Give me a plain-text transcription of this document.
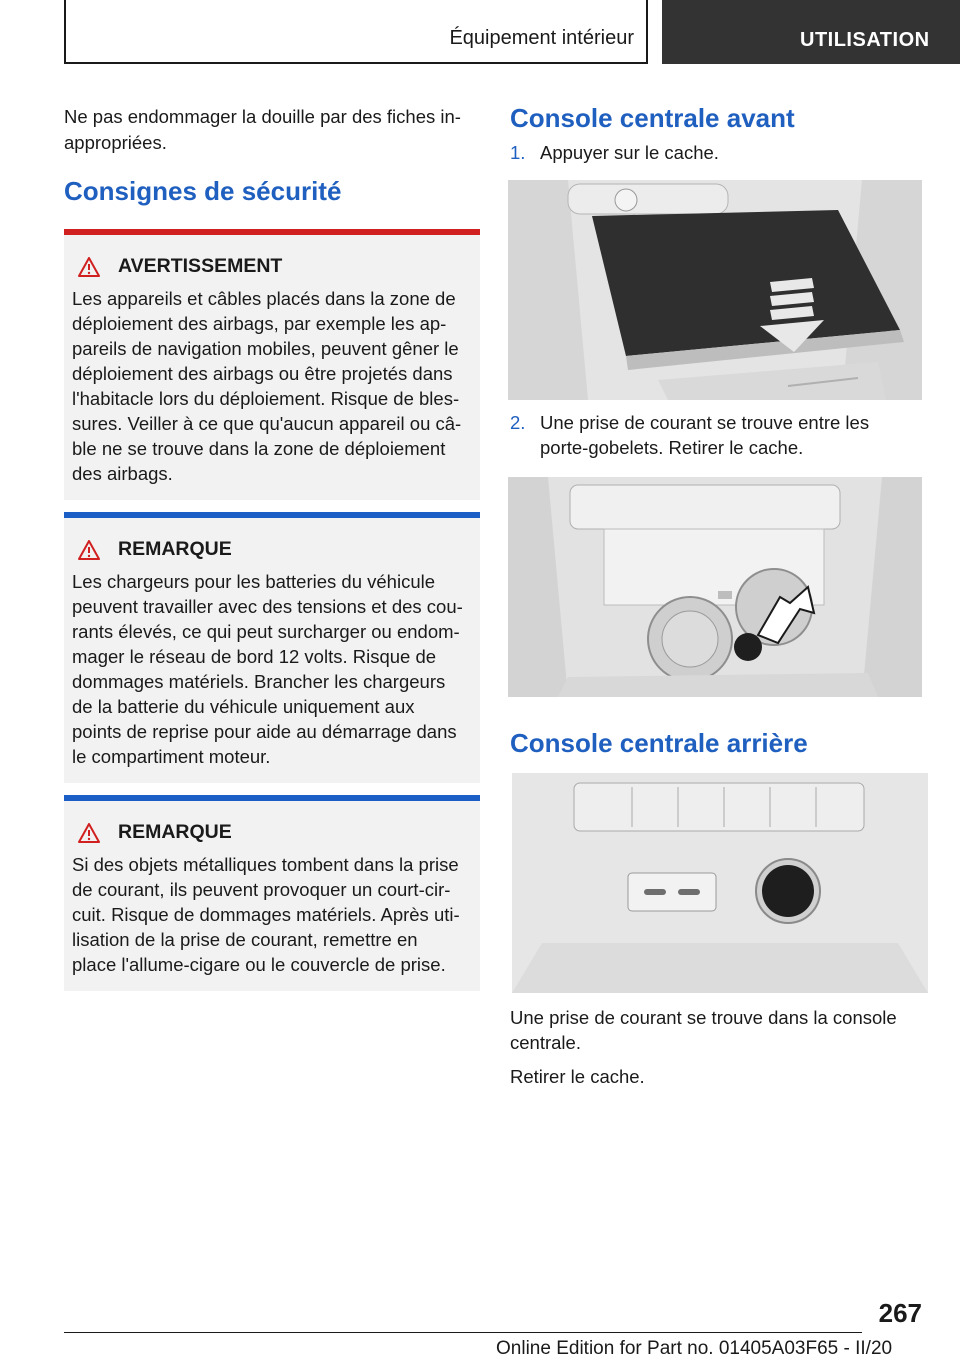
Équipement intérieur	UTILISATION

Ne pas endommager la douille par des fiches in-appropriées.

Consignes de sécurité
AVERTISSEMENT

Les appareils et câbles placés dans la zone de

déploiement des airbags, par exemple les ap-

pareils de navigation mobiles, peuvent gêner le

déploiement des airbags ou être projetés dans

l'habitacle lors du déploiement. Risque de bles-

sures. Veiller à ce que qu'aucun appareil ou câ-

ble ne se trouve dans la zone de déploiement

des airbags.

REMARQUE

Les chargeurs pour les batteries du véhicule

peuvent travailler avec des tensions et des cou-

rants élevés, ce qui peut surcharger ou endom-

mager le réseau de bord 12 volts. Risque de

dommages matériels. Brancher les chargeurs

de la batterie du véhicule uniquement aux

points de reprise pour aide au démarrage dans

le compartiment moteur.

REMARQUE

Si des objets métalliques tombent dans la prise

de courant, ils peuvent provoquer un court-cir-

cuit. Risque de dommages matériels. Après uti-

lisation de la prise de courant, remettre en

place l'allume-cigare ou le couvercle de prise.

Console centrale avant
1. Appuyer sur le cache.
2. Une prise de courant se trouve entre les
porte-gobelets. Retirer le cache.
Console centrale arrière

Une prise de courant se trouve dans la console

centrale.

Retirer le cache.

267
Online Edition for Part no. 01405A03F65 - II/20
